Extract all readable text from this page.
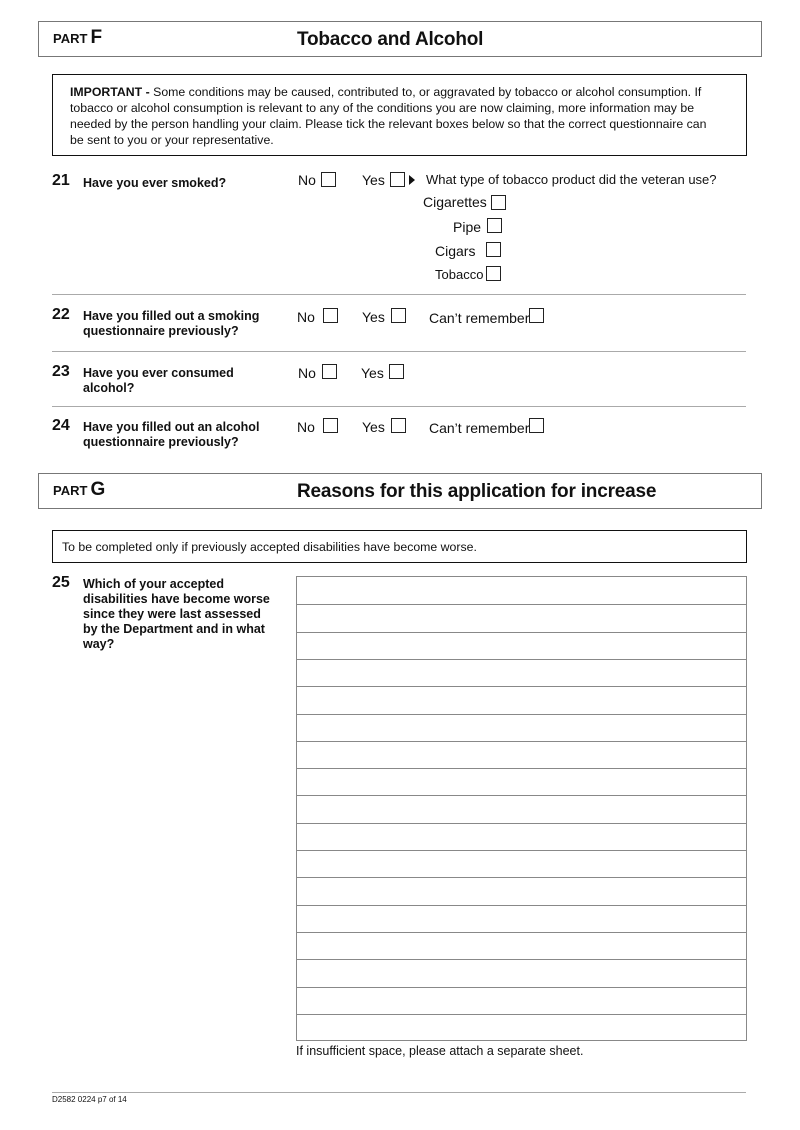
PART F	Tobacco and Alcohol
IMPORTANT - Some conditions may be caused, contributed to, or aggravated by tobacco or alcohol consumption. If
tobacco or alcohol consumption is relevant to any of the conditions you are now claiming, more information may be
needed by the person handling your claim. Please tick the relevant boxes below so that the correct questionnaire can
be sent to you or your representative.
21 Have you ever smoked?	No	Yes	What type of tobacco product did the veteran use?
Cigarettes
Pipe
Cigars
Tobacco
22 Have you filled out a smoking
questionnaire previously?
No	Yes	Can’t remember
23 Have you ever consumed
alcohol?
No	Yes
24 Have you filled out an alcohol
questionnaire previously?
No	Yes	Can’t remember
PART G	Reasons for this application for increase
To be completed only if previously accepted disabilities have become worse.
25 Which of your accepted
disabilities have become worse
since they were last assessed
by the Department and in what
way?
If insufficient space, please attach a separate sheet.
D2582 0224 p7 of 14
